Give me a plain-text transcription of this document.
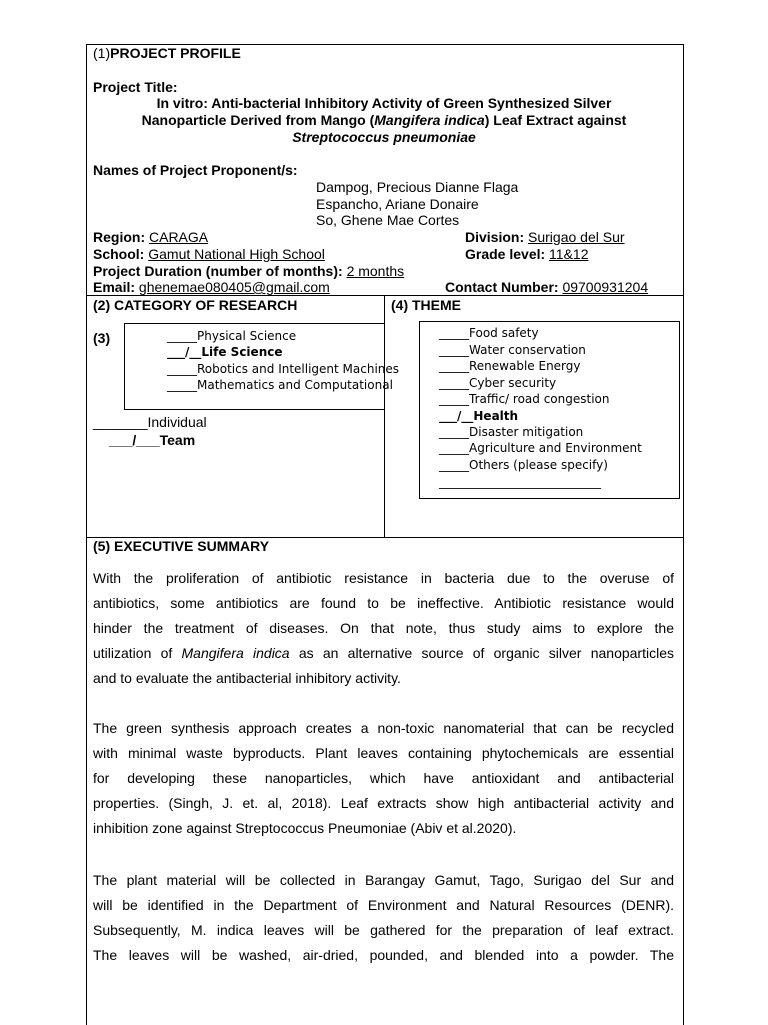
(1)PROJECT PROFILE
Project Title:
In vitro: Anti-bacterial Inhibitory Activity of Green Synthesized Silver
Nanoparticle Derived from Mango (Mangifera indica) Leaf Extract against
Streptococcus pneumoniae
Names of Project Proponent/s:
Dampog, Precious Dianne Flaga
Espancho, Ariane Donaire
So, Ghene Mae Cortes
Region: CARAGA	Division: Surigao del Sur
School: Gamut National High School	Grade level: 11&12
Project Duration (number of months): 2 months
Email: ghenemae080405@gmail.com	Contact Number: 09700931204
(2) CATEGORY OF RESEARCH
(3)	_____Physical Science
___/__Life Science
_____Robotics and Intelligent Machines
_____Mathematics and Computational
_______Individual
___/___Team
(4) THEME
_____Food safety
_____Water conservation
_____Renewable Energy
_____Cyber security
_____Traffic/ road congestion
___/__Health
_____Disaster mitigation
_____Agriculture and Environment
_____Others (please specify)
___________________________
(5) EXECUTIVE SUMMARY
With the proliferation of antibiotic resistance in bacteria due to the overuse of
antibiotics, some antibiotics are found to be ineffective. Antibiotic resistance would
hinder the treatment of diseases. On that note, thus study aims to explore the
utilization of Mangifera indica as an alternative source of organic silver nanoparticles
and to evaluate the antibacterial inhibitory activity.
The green synthesis approach creates a non-toxic nanomaterial that can be recycled
with minimal waste byproducts. Plant leaves containing phytochemicals are essential
for developing these nanoparticles, which have antioxidant and antibacterial
properties. (Singh, J. et. al, 2018). Leaf extracts show high antibacterial activity and
inhibition zone against Streptococcus Pneumoniae (Abiv et al.2020).
The plant material will be collected in Barangay Gamut, Tago, Surigao del Sur and
will be identified in the Department of Environment and Natural Resources (DENR).
Subsequently, M. indica leaves will be gathered for the preparation of leaf extract.
The leaves will be washed, air-dried, pounded, and blended into a powder. The
